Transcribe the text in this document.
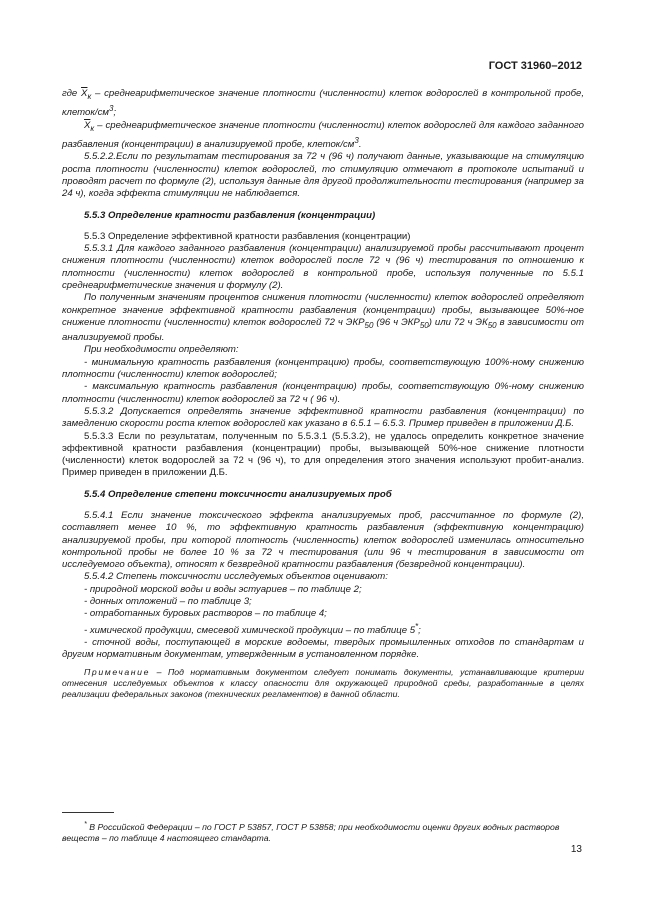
ГОСТ 31960–2012

где $\overline{X}_к$ – среднеарифметическое значение плотности (численности) клеток водорослей в контрольной пробе, клеток/$см^3$;

$\overline{X}_к$ – среднеарифметическое значение плотности (численности) клеток водорослей для каждого заданного разбавления (концентрации) в анализируемой пробе, клеток/$см^3$.

5.5.2.2.Если по результатам тестирования за 72 ч (96 ч) получают данные, указывающие на стимуляцию роста плотности (численности) клеток водорослей, то стимуляцию отмечают в протоколе испытаний и проводят расчет по формуле (2), используя данные для другой продолжительности тестирования (например за 24 ч), когда эффекта стимуляции не наблюдается.

5.5.3 Определение кратности разбавления (концентрации)

5.5.3 Определение эффективной кратности разбавления (концентрации)

5.5.3.1 Для каждого заданного разбавления (концентрации) анализируемой пробы рассчитывают процент снижения плотности (численности) клеток водорослей после 72 ч (96 ч) тестирования по отношению к плотности (численности) клеток водорослей в контрольной пробе, используя полученные по 5.5.1 среднеарифметические значения и формулу (2).

По полученным значениям процентов снижения плотности (численности) клеток водорослей определяют конкретное значение эффективной кратности разбавления (концентрации) пробы, вызывающее 50%-ное снижение плотности (численности) клеток водорослей 72 ч $ЭКР_{50}$ (96 ч $ЭКР_{50}$) или 72 ч $ЭК_{50}$ в зависимости от анализируемой пробы.

При необходимости определяют:

- минимальную кратность разбавления (концентрацию) пробы, соответствующую 100%-ному снижению плотности (численности) клеток водорослей;

- максимальную кратность разбавления (концентрацию) пробы, соответствующую 0%-ному снижению плотности (численности) клеток водорослей за 72 ч ( 96 ч).

5.5.3.2 Допускается определять значение эффективной кратности разбавления (концентрации) по замедлению скорости роста клеток водорослей как указано в 6.5.1 – 6.5.3. Пример приведен в приложении Д.Б.

5.5.3.3 Если по результатам, полученным по 5.5.3.1 (5.5.3.2), не удалось определить конкретное значение эффективной кратности разбавления (концентрации) пробы, вызывающей 50%-ное снижение плотности (численности) клеток водорослей за 72 ч (96 ч), то для определения этого значения используют пробит-анализ. Пример приведен в приложении Д.Б.

5.5.4 Определение степени токсичности анализируемых проб

5.5.4.1 Если значение токсического эффекта анализируемых проб, рассчитанное по формуле (2), составляет менее 10 %, то эффективную кратность разбавления (эффективную концентрацию) анализируемой пробы, при которой плотность (численность) клеток водорослей изменилась относительно контрольной пробы не более 10 % за 72 ч тестирования (или 96 ч тестирования в зависимости от исследуемого объекта), относят к безвредной кратности разбавления (безвредной концентрации).

5.5.4.2 Степень токсичности исследуемых объектов оценивают:

- природной морской воды и воды эстуариев – по таблице 2;

- донных отложений – по таблице 3;

- отработанных буровых растворов – по таблице 4;

- химической продукции, смесевой химической продукции – по таблице 5*;

- сточной воды, поступающей в морские водоемы, твердых промышленных отходов по стандартам и другим нормативным документам, утвержденным в установленном порядке.

Примечание – Под нормативным документом следует понимать документы, устанавливающие критерии отнесения исследуемых объектов к классу опасности для окружающей природной среды, разработанные в целях реализации федеральных законов (технических регламентов) в данной области.

* В Российской Федерации – по ГОСТ Р 53857, ГОСТ Р 53858; при необходимости оценки других водных растворов веществ – по таблице 4 настоящего стандарта.
13
